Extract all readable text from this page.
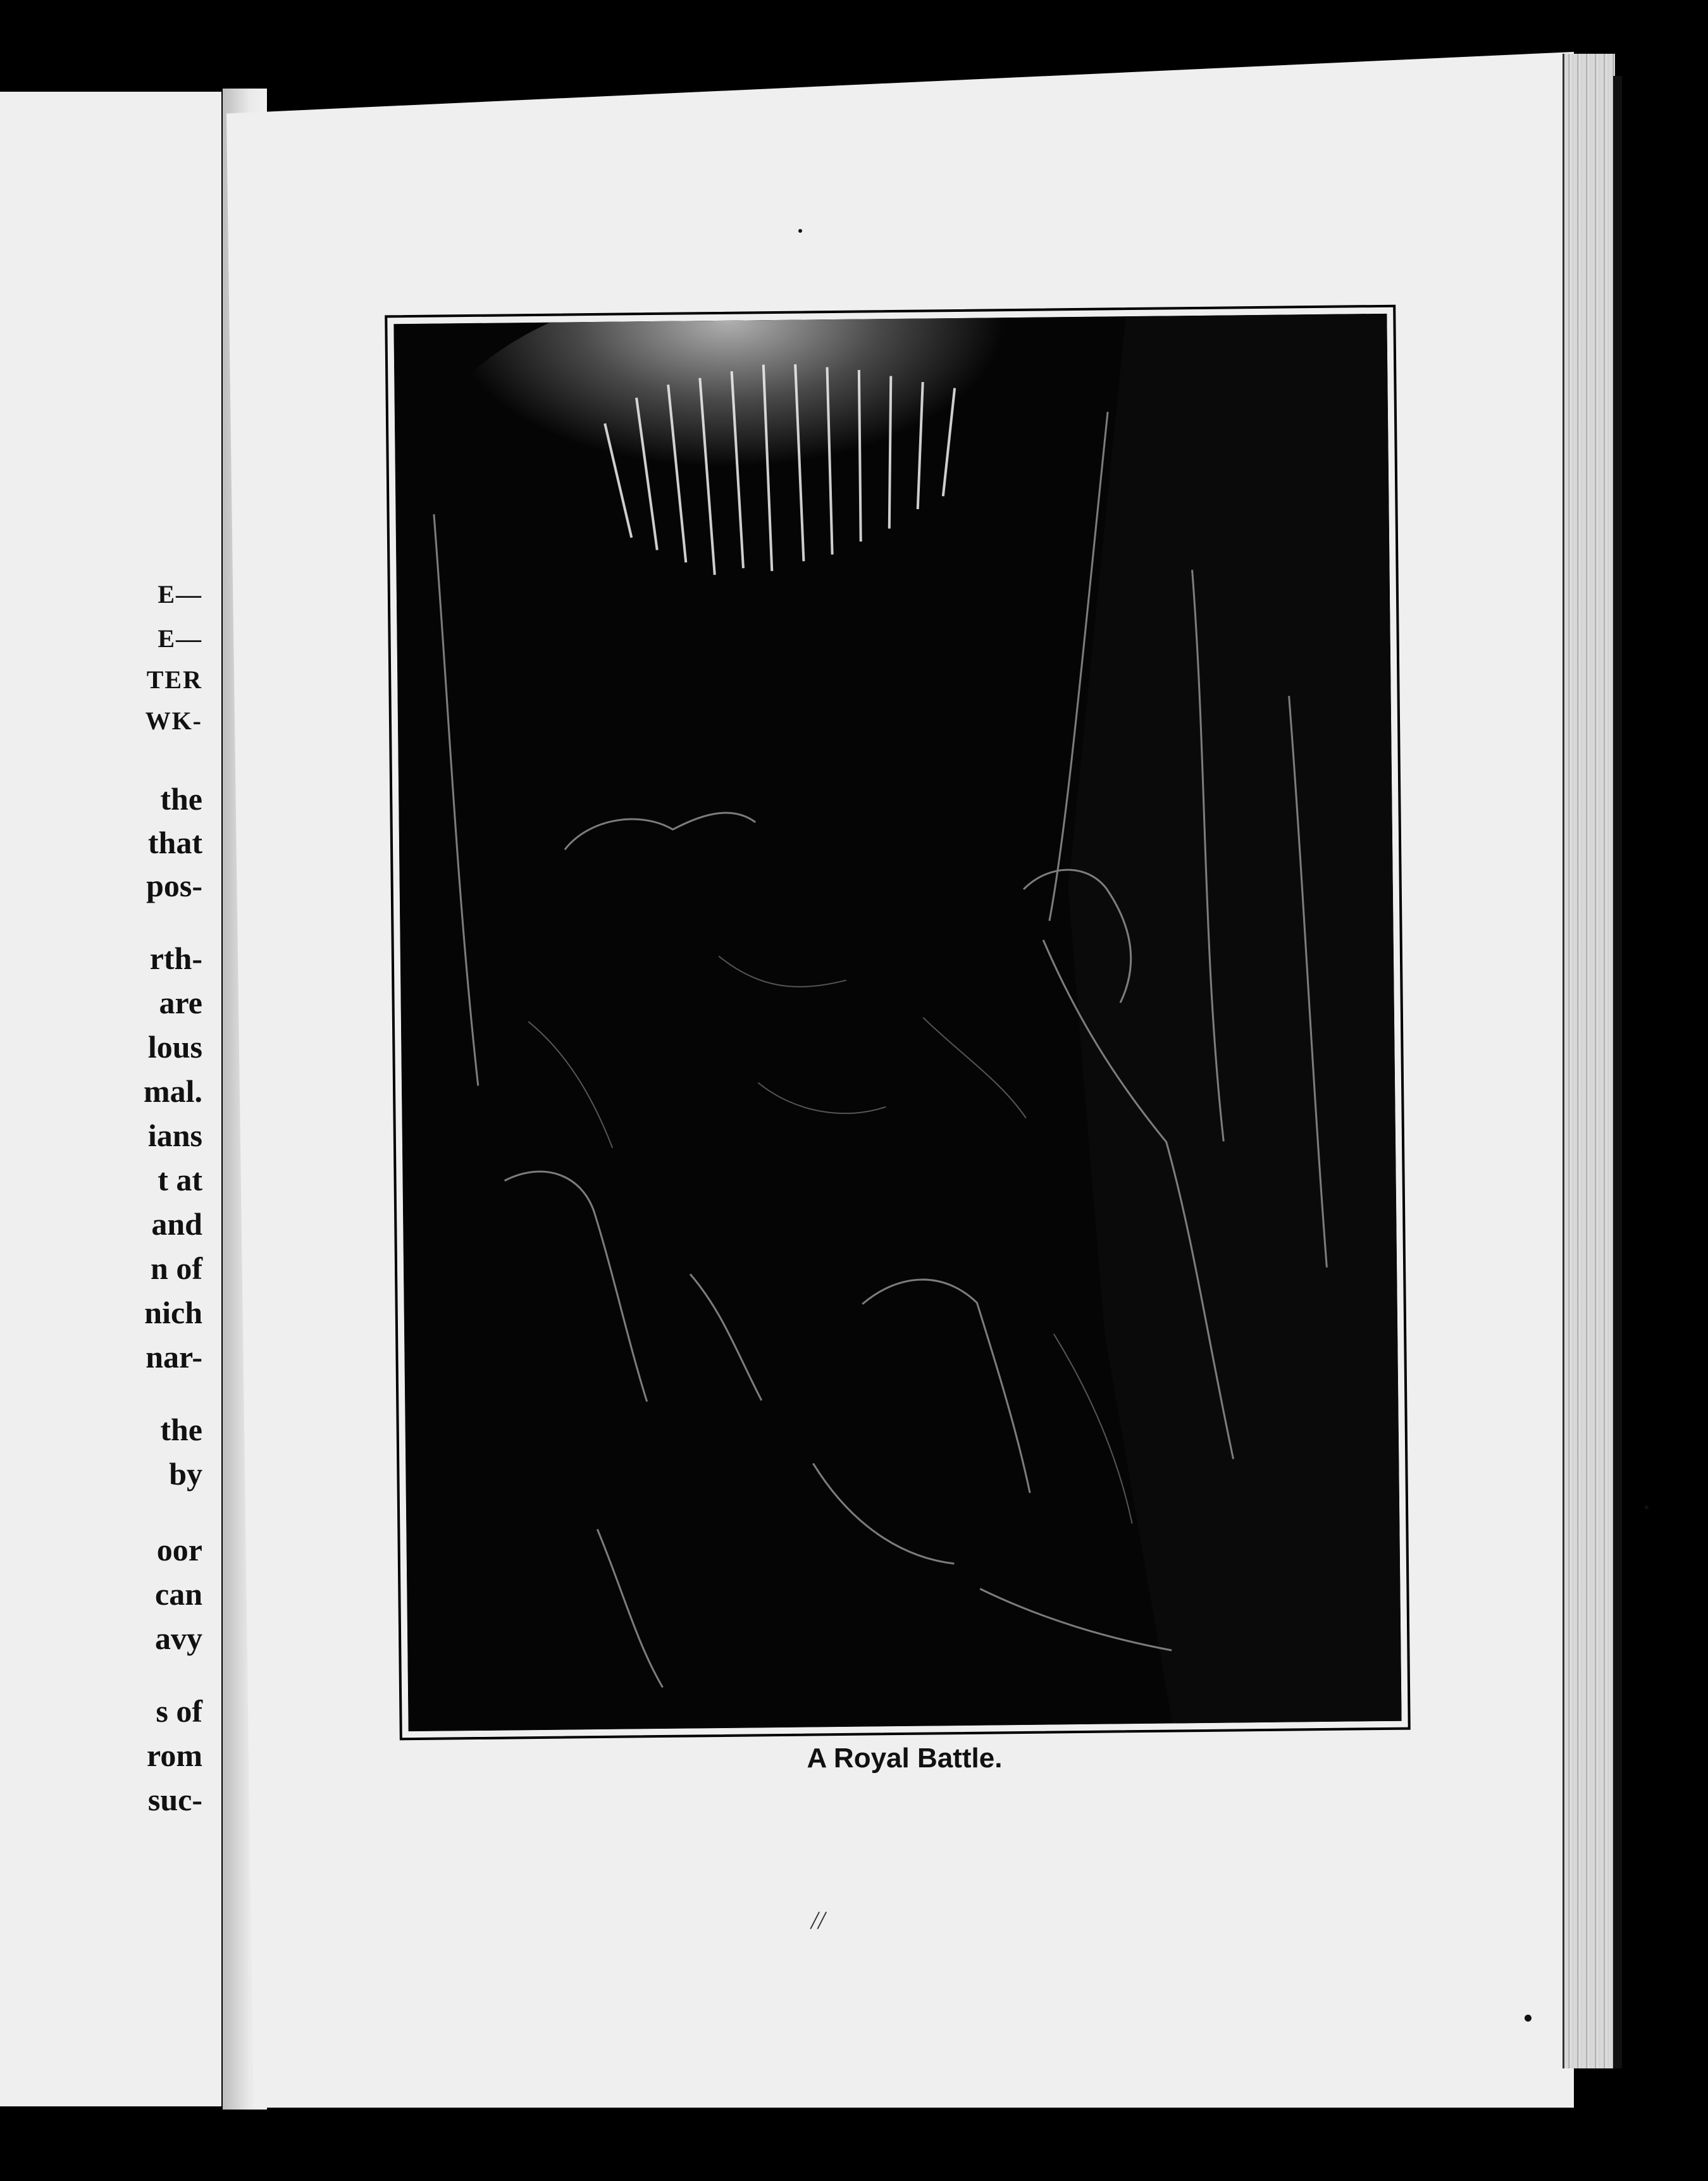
E—
E—
TER
WK-
the
that
pos-
rth-
are
lous
mal.
ians
t at
and
n of
nich
nar-
the
by
oor
can
avy
s of
rom
suc-
A Royal Battle.
//
